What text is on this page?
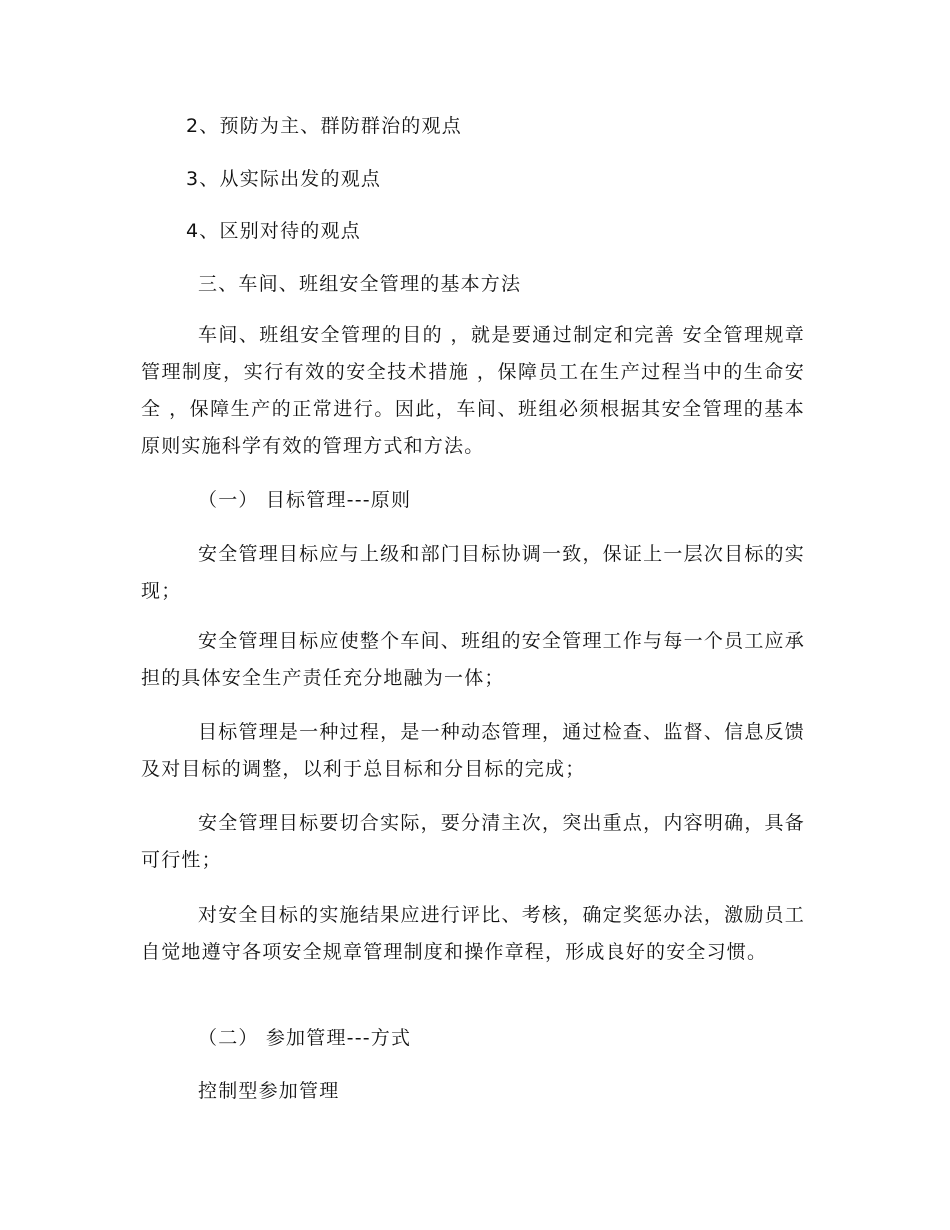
2、预防为主、群防群治的观点

3、从实际出发的观点

4、区别对待的观点

三、车间、班组安全管理的基本方法

车间、班组安全管理的目的 ，就是要通过制定和完善 安全管理规章管理制度，实行有效的安全技术措施 ，保障员工在生产过程当中的生命安全 ，保障生产的正常进行。因此，车间、班组必须根据其安全管理的基本原则实施科学有效的管理方式和方法。

（一） 目标管理---原则

安全管理目标应与上级和部门目标协调一致，保证上一层次目标的实现；

安全管理目标应使整个车间、班组的安全管理工作与每一个员工应承担的具体安全生产责任充分地融为一体；

目标管理是一种过程，是一种动态管理，通过检查、监督、信息反馈及对目标的调整，以利于总目标和分目标的完成；

安全管理目标要切合实际，要分清主次，突出重点，内容明确，具备可行性；

对安全目标的实施结果应进行评比、考核，确定奖惩办法，激励员工自觉地遵守各项安全规章管理制度和操作章程，形成良好的安全习惯。

（二） 参加管理---方式

控制型参加管理
